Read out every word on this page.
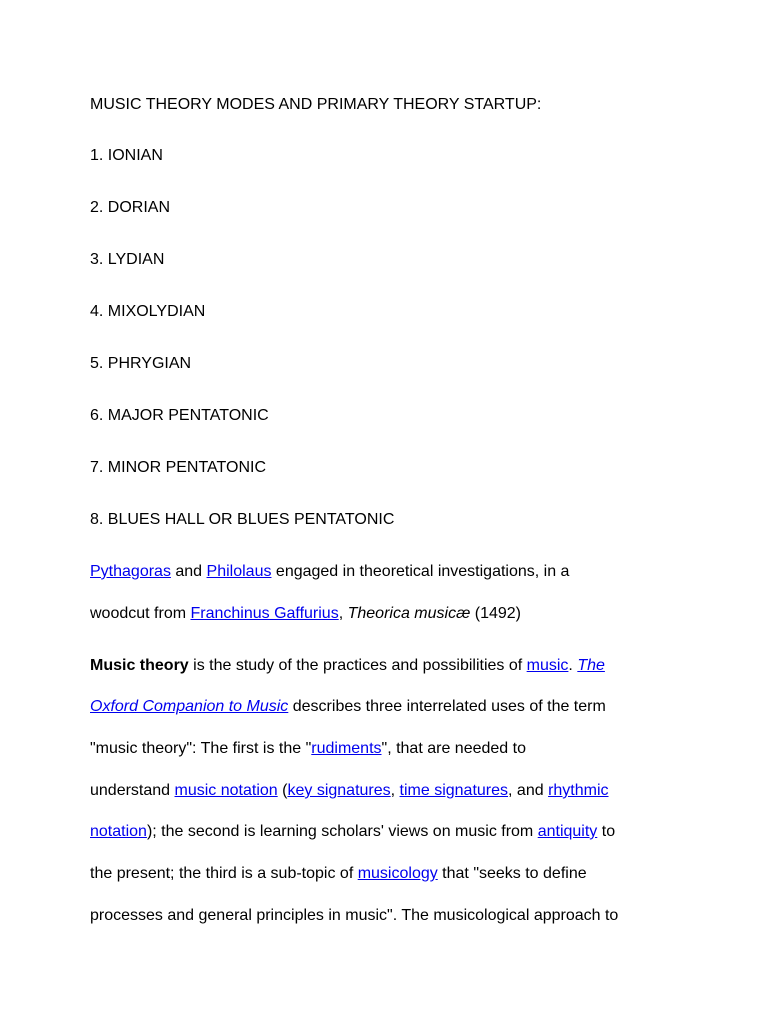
MUSIC THEORY MODES AND PRIMARY THEORY STARTUP:
1. IONIAN
2. DORIAN
3. LYDIAN
4. MIXOLYDIAN
5. PHRYGIAN
6. MAJOR PENTATONIC
7. MINOR PENTATONIC
8. BLUES HALL OR BLUES PENTATONIC
Pythagoras and Philolaus engaged in theoretical investigations, in a
woodcut from Franchinus Gaffurius, Theorica musicæ (1492)
Music theory is the study of the practices and possibilities of music. The
Oxford Companion to Music describes three interrelated uses of the term
"music theory": The first is the "rudiments", that are needed to
understand music notation (key signatures, time signatures, and rhythmic
notation); the second is learning scholars' views on music from antiquity to
the present; the third is a sub-topic of musicology that "seeks to define
processes and general principles in music". The musicological approach to
